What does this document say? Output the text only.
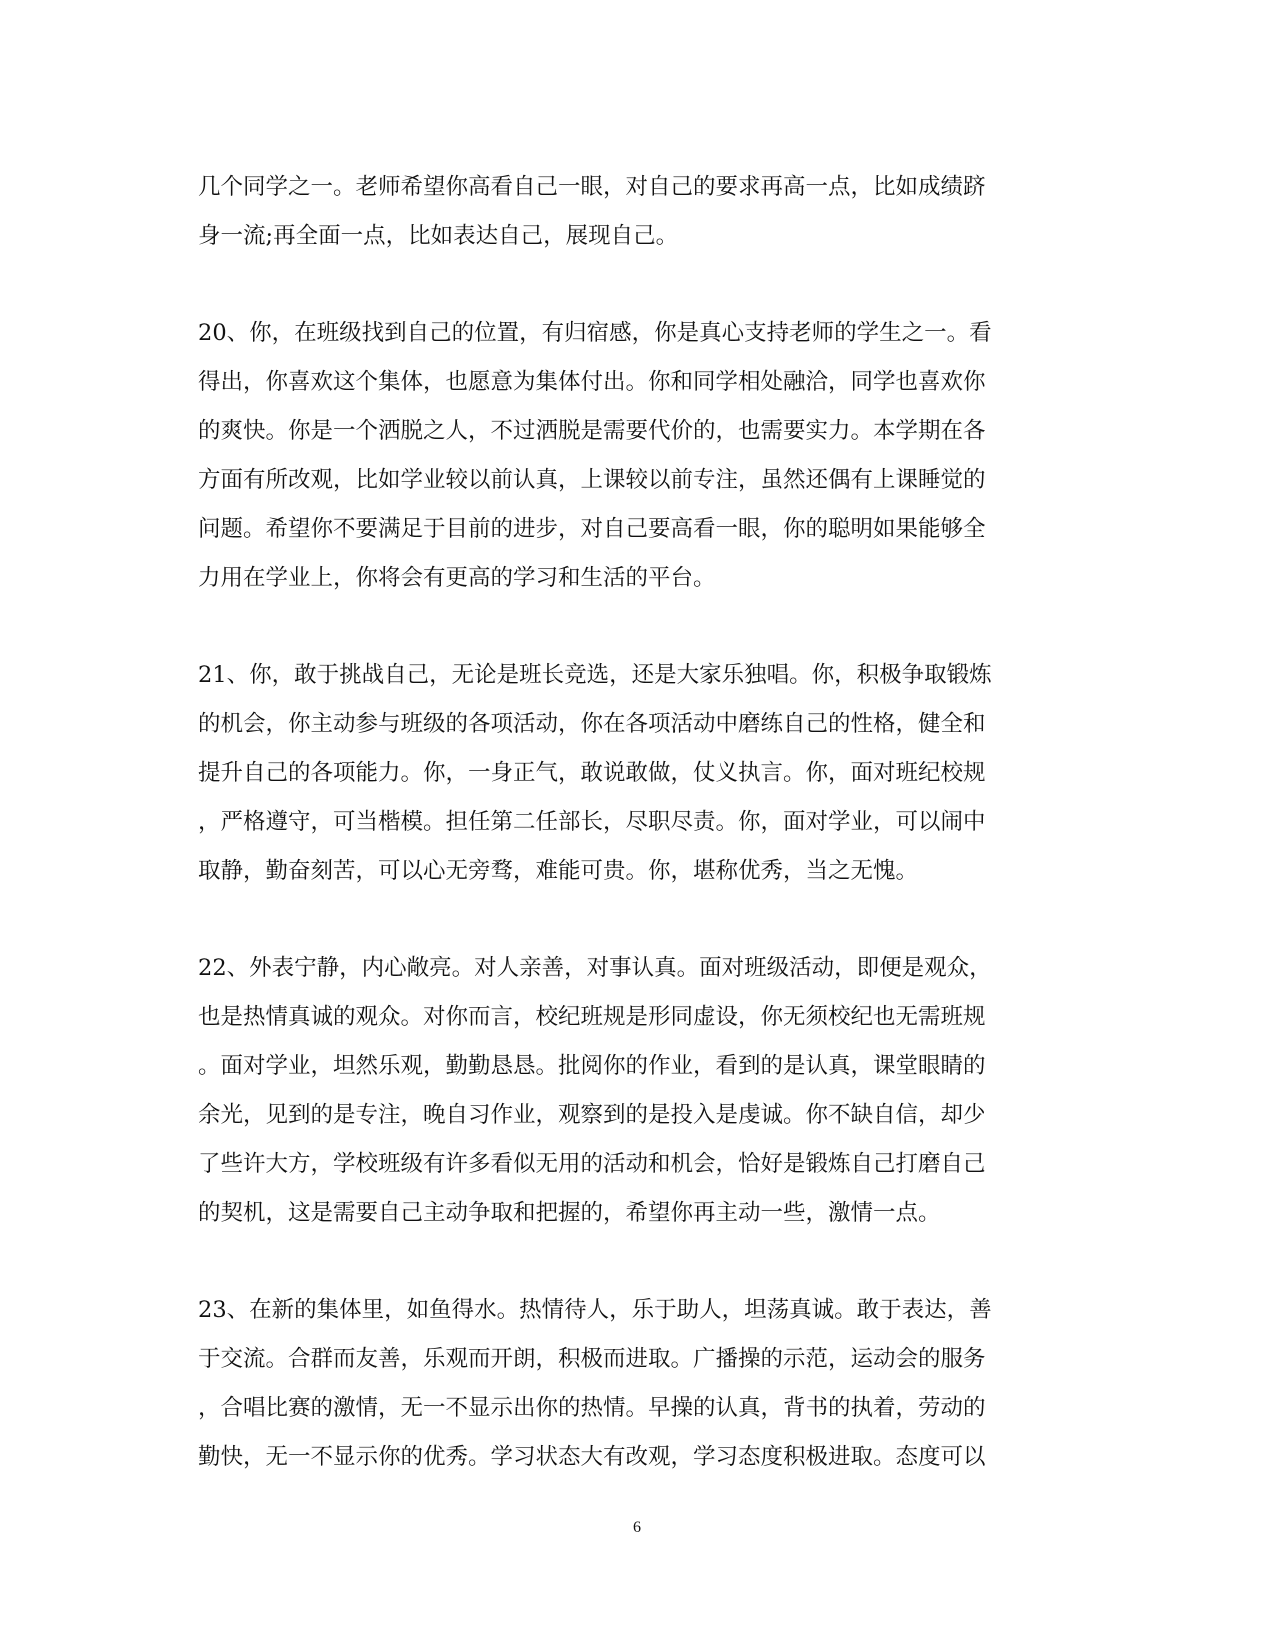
几个同学之一。老师希望你高看自己一眼，对自己的要求再高一点，比如成绩跻
身一流;再全面一点，比如表达自己，展现自己。

20、你，在班级找到自己的位置，有归宿感，你是真心支持老师的学生之一。看
得出，你喜欢这个集体，也愿意为集体付出。你和同学相处融洽，同学也喜欢你
的爽快。你是一个洒脱之人，不过洒脱是需要代价的，也需要实力。本学期在各
方面有所改观，比如学业较以前认真，上课较以前专注，虽然还偶有上课睡觉的
问题。希望你不要满足于目前的进步，对自己要高看一眼，你的聪明如果能够全
力用在学业上，你将会有更高的学习和生活的平台。

21、你，敢于挑战自己，无论是班长竞选，还是大家乐独唱。你，积极争取锻炼
的机会，你主动参与班级的各项活动，你在各项活动中磨练自己的性格，健全和
提升自己的各项能力。你，一身正气，敢说敢做，仗义执言。你，面对班纪校规
，严格遵守，可当楷模。担任第二任部长，尽职尽责。你，面对学业，可以闹中
取静，勤奋刻苦，可以心无旁骛，难能可贵。你，堪称优秀，当之无愧。

22、外表宁静，内心敞亮。对人亲善，对事认真。面对班级活动，即便是观众，
也是热情真诚的观众。对你而言，校纪班规是形同虚设，你无须校纪也无需班规
。面对学业，坦然乐观，勤勤恳恳。批阅你的作业，看到的是认真，课堂眼睛的
余光，见到的是专注，晚自习作业，观察到的是投入是虔诚。你不缺自信，却少
了些许大方，学校班级有许多看似无用的活动和机会，恰好是锻炼自己打磨自己
的契机，这是需要自己主动争取和把握的，希望你再主动一些，激情一点。

23、在新的集体里，如鱼得水。热情待人，乐于助人，坦荡真诚。敢于表达，善
于交流。合群而友善，乐观而开朗，积极而进取。广播操的示范，运动会的服务
，合唱比赛的激情，无一不显示出你的热情。早操的认真，背书的执着，劳动的
勤快，无一不显示你的优秀。学习状态大有改观，学习态度积极进取。态度可以

6
